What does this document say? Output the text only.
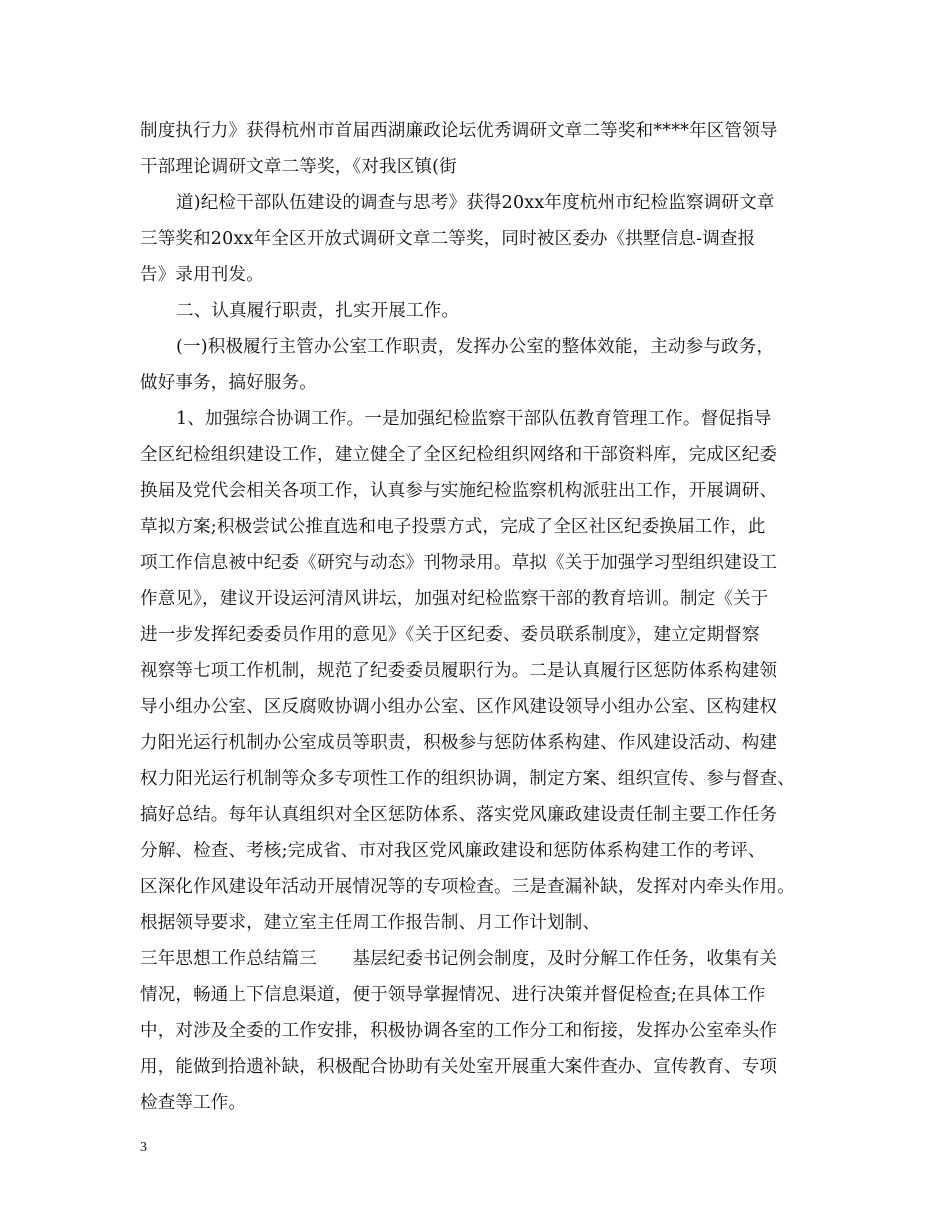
制度执行力》获得杭州市首届西湖廉政论坛优秀调研文章二等奖和****年区管领导
干部理论调研文章二等奖，《对我区镇(街
道)纪检干部队伍建设的调查与思考》获得20xx年度杭州市纪检监察调研文章
三等奖和20xx年全区开放式调研文章二等奖，同时被区委办《拱墅信息-调查报
告》录用刊发。
二、认真履行职责，扎实开展工作。
(一)积极履行主管办公室工作职责，发挥办公室的整体效能，主动参与政务，
做好事务，搞好服务。
1、加强综合协调工作。一是加强纪检监察干部队伍教育管理工作。督促指导
全区纪检组织建设工作，建立健全了全区纪检组织网络和干部资料库，完成区纪委
换届及党代会相关各项工作，认真参与实施纪检监察机构派驻出工作，开展调研、
草拟方案;积极尝试公推直选和电子投票方式，完成了全区社区纪委换届工作，此
项工作信息被中纪委《研究与动态》刊物录用。草拟《关于加强学习型组织建设工
作意见》，建议开设运河清风讲坛，加强对纪检监察干部的教育培训。制定《关于
进一步发挥纪委委员作用的意见》《关于区纪委、委员联系制度》，建立定期督察
视察等七项工作机制，规范了纪委委员履职行为。二是认真履行区惩防体系构建领
导小组办公室、区反腐败协调小组办公室、区作风建设领导小组办公室、区构建权
力阳光运行机制办公室成员等职责，积极参与惩防体系构建、作风建设活动、构建
权力阳光运行机制等众多专项性工作的组织协调，制定方案、组织宣传、参与督查、
搞好总结。每年认真组织对全区惩防体系、落实党风廉政建设责任制主要工作任务
分解、检查、考核;完成省、市对我区党风廉政建设和惩防体系构建工作的考评、
区深化作风建设年活动开展情况等的专项检查。三是查漏补缺，发挥对内牵头作用。
根据领导要求，建立室主任周工作报告制、月工作计划制、
三年思想工作总结篇三　　基层纪委书记例会制度，及时分解工作任务，收集有关
情况，畅通上下信息渠道，便于领导掌握情况、进行决策并督促检查;在具体工作
中，对涉及全委的工作安排，积极协调各室的工作分工和衔接，发挥办公室牵头作
用，能做到拾遗补缺，积极配合协助有关处室开展重大案件查办、宣传教育、专项
检查等工作。
3
